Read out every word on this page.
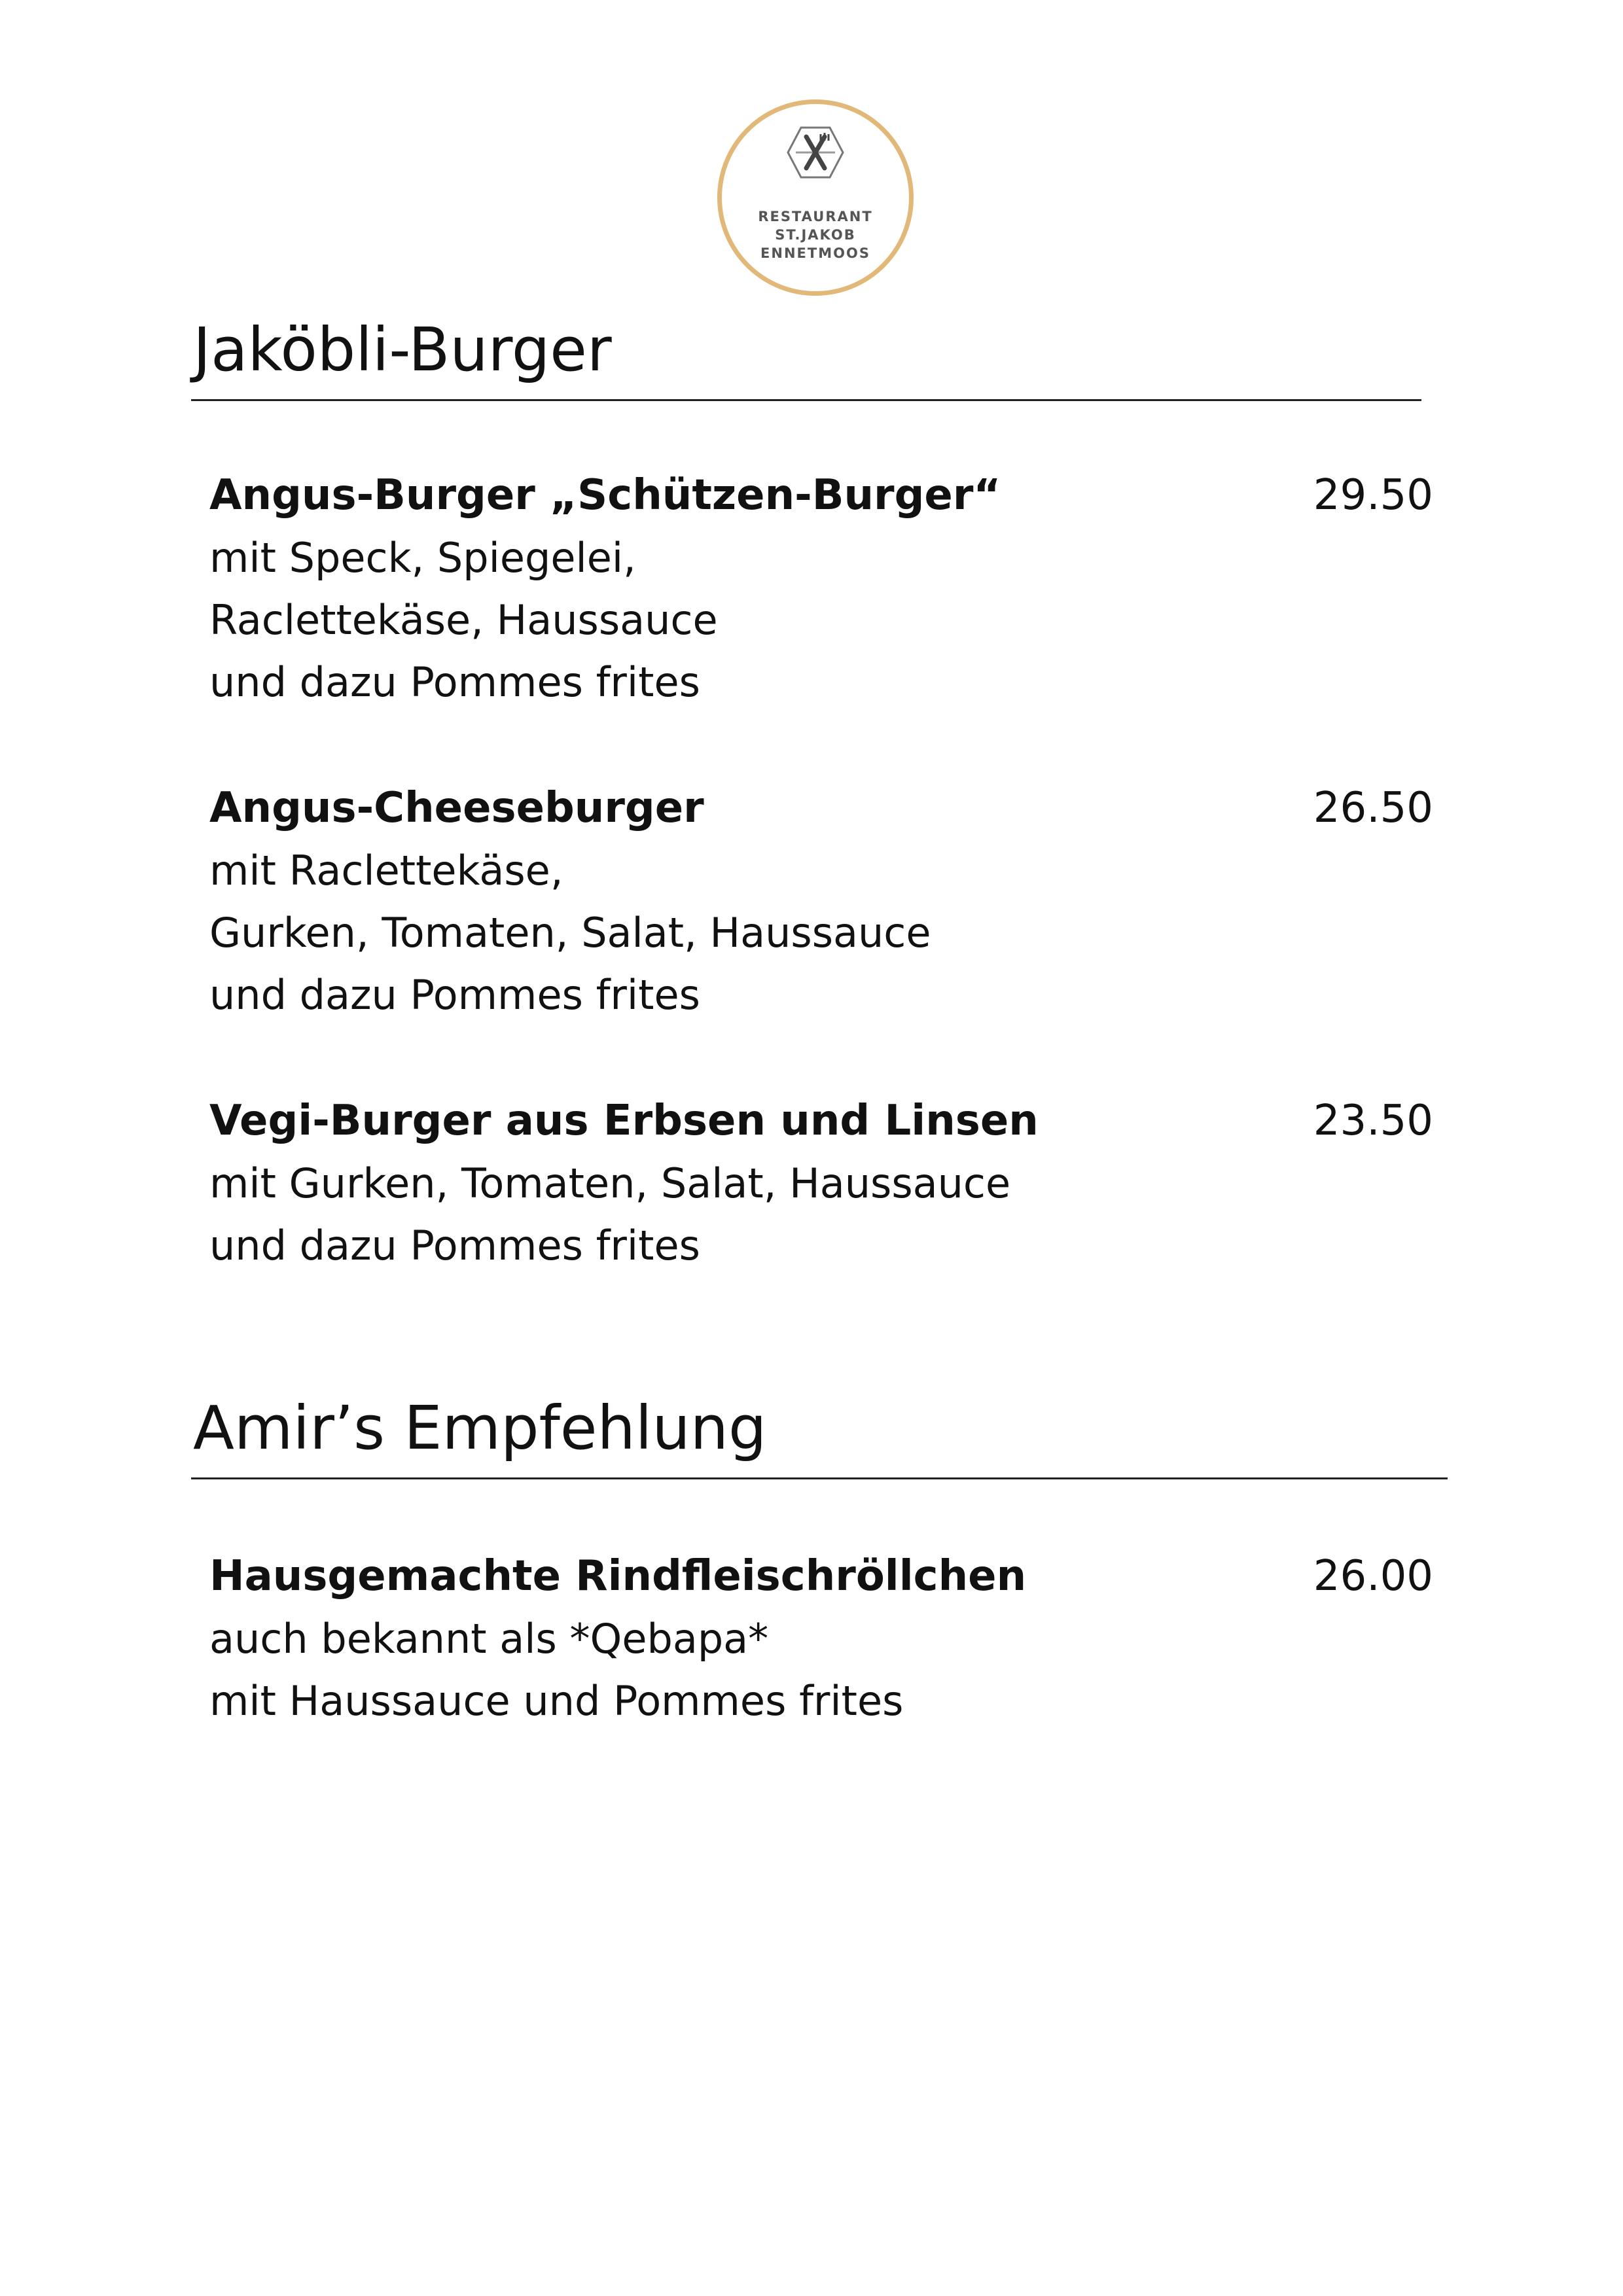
RESTAURANT
ST.JAKOB
ENNETMOOS
Jaköbli-Burger
Angus-Burger „Schützen-Burger“
mit Speck, Spiegelei,
Raclettekäse, Haussauce
und dazu Pommes frites
29.50
Angus-Cheeseburger
mit Raclettekäse,
Gurken, Tomaten, Salat, Haussauce
und dazu Pommes frites
26.50
Vegi-Burger aus Erbsen und Linsen
mit Gurken, Tomaten, Salat, Haussauce
und dazu Pommes frites
23.50
Amir’s Empfehlung
Hausgemachte Rindfleischröllchen
auch bekannt als *Qebapa*
mit Haussauce und Pommes frites
26.00
